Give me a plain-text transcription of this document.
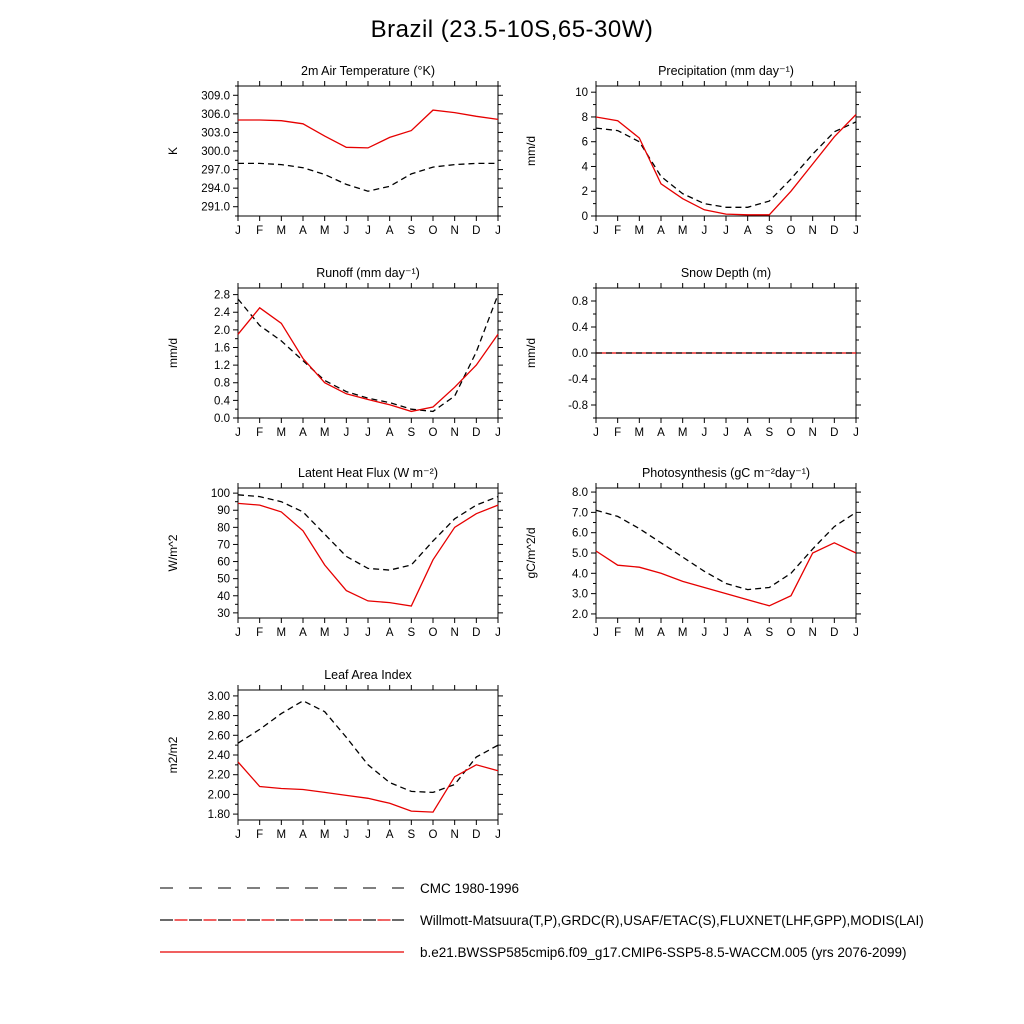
Brazil (23.5-10S,65-30W)
2m Air Temperature (°K)
K
291.0
294.0
297.0
300.0
303.0
306.0
309.0
J F M A M J J A S O N D J
Precipitation (mm day⁻¹)
mm/d
0
2
4
6
8
10
J F M A M J J A S O N D J
Runoff (mm day⁻¹)
mm/d
0.0
0.4
0.8
1.2
1.6
2.0
2.4
2.8
J F M A M J J A S O N D J
Snow Depth (m)
mm/d
-0.8
-0.4
0.0
0.4
0.8
J F M A M J J A S O N D J
Latent Heat Flux (W m⁻²)
W/m^2
30
40
50
60
70
80
90
100
J F M A M J J A S O N D J
Photosynthesis (gC m⁻²day⁻¹)
gC/m^2/d
2.0
3.0
4.0
5.0
6.0
7.0
8.0
J F M A M J J A S O N D J
Leaf Area Index
m2/m2
1.80
2.00
2.20
2.40
2.60
2.80
3.00
J F M A M J J A S O N D J
CMC 1980-1996
Willmott-Matsuura(T,P),GRDC(R),USAF/ETAC(S),FLUXNET(LHF,GPP),MODIS(LAI)
b.e21.BWSSP585cmip6.f09_g17.CMIP6-SSP5-8.5-WACCM.005 (yrs 2076-2099)
